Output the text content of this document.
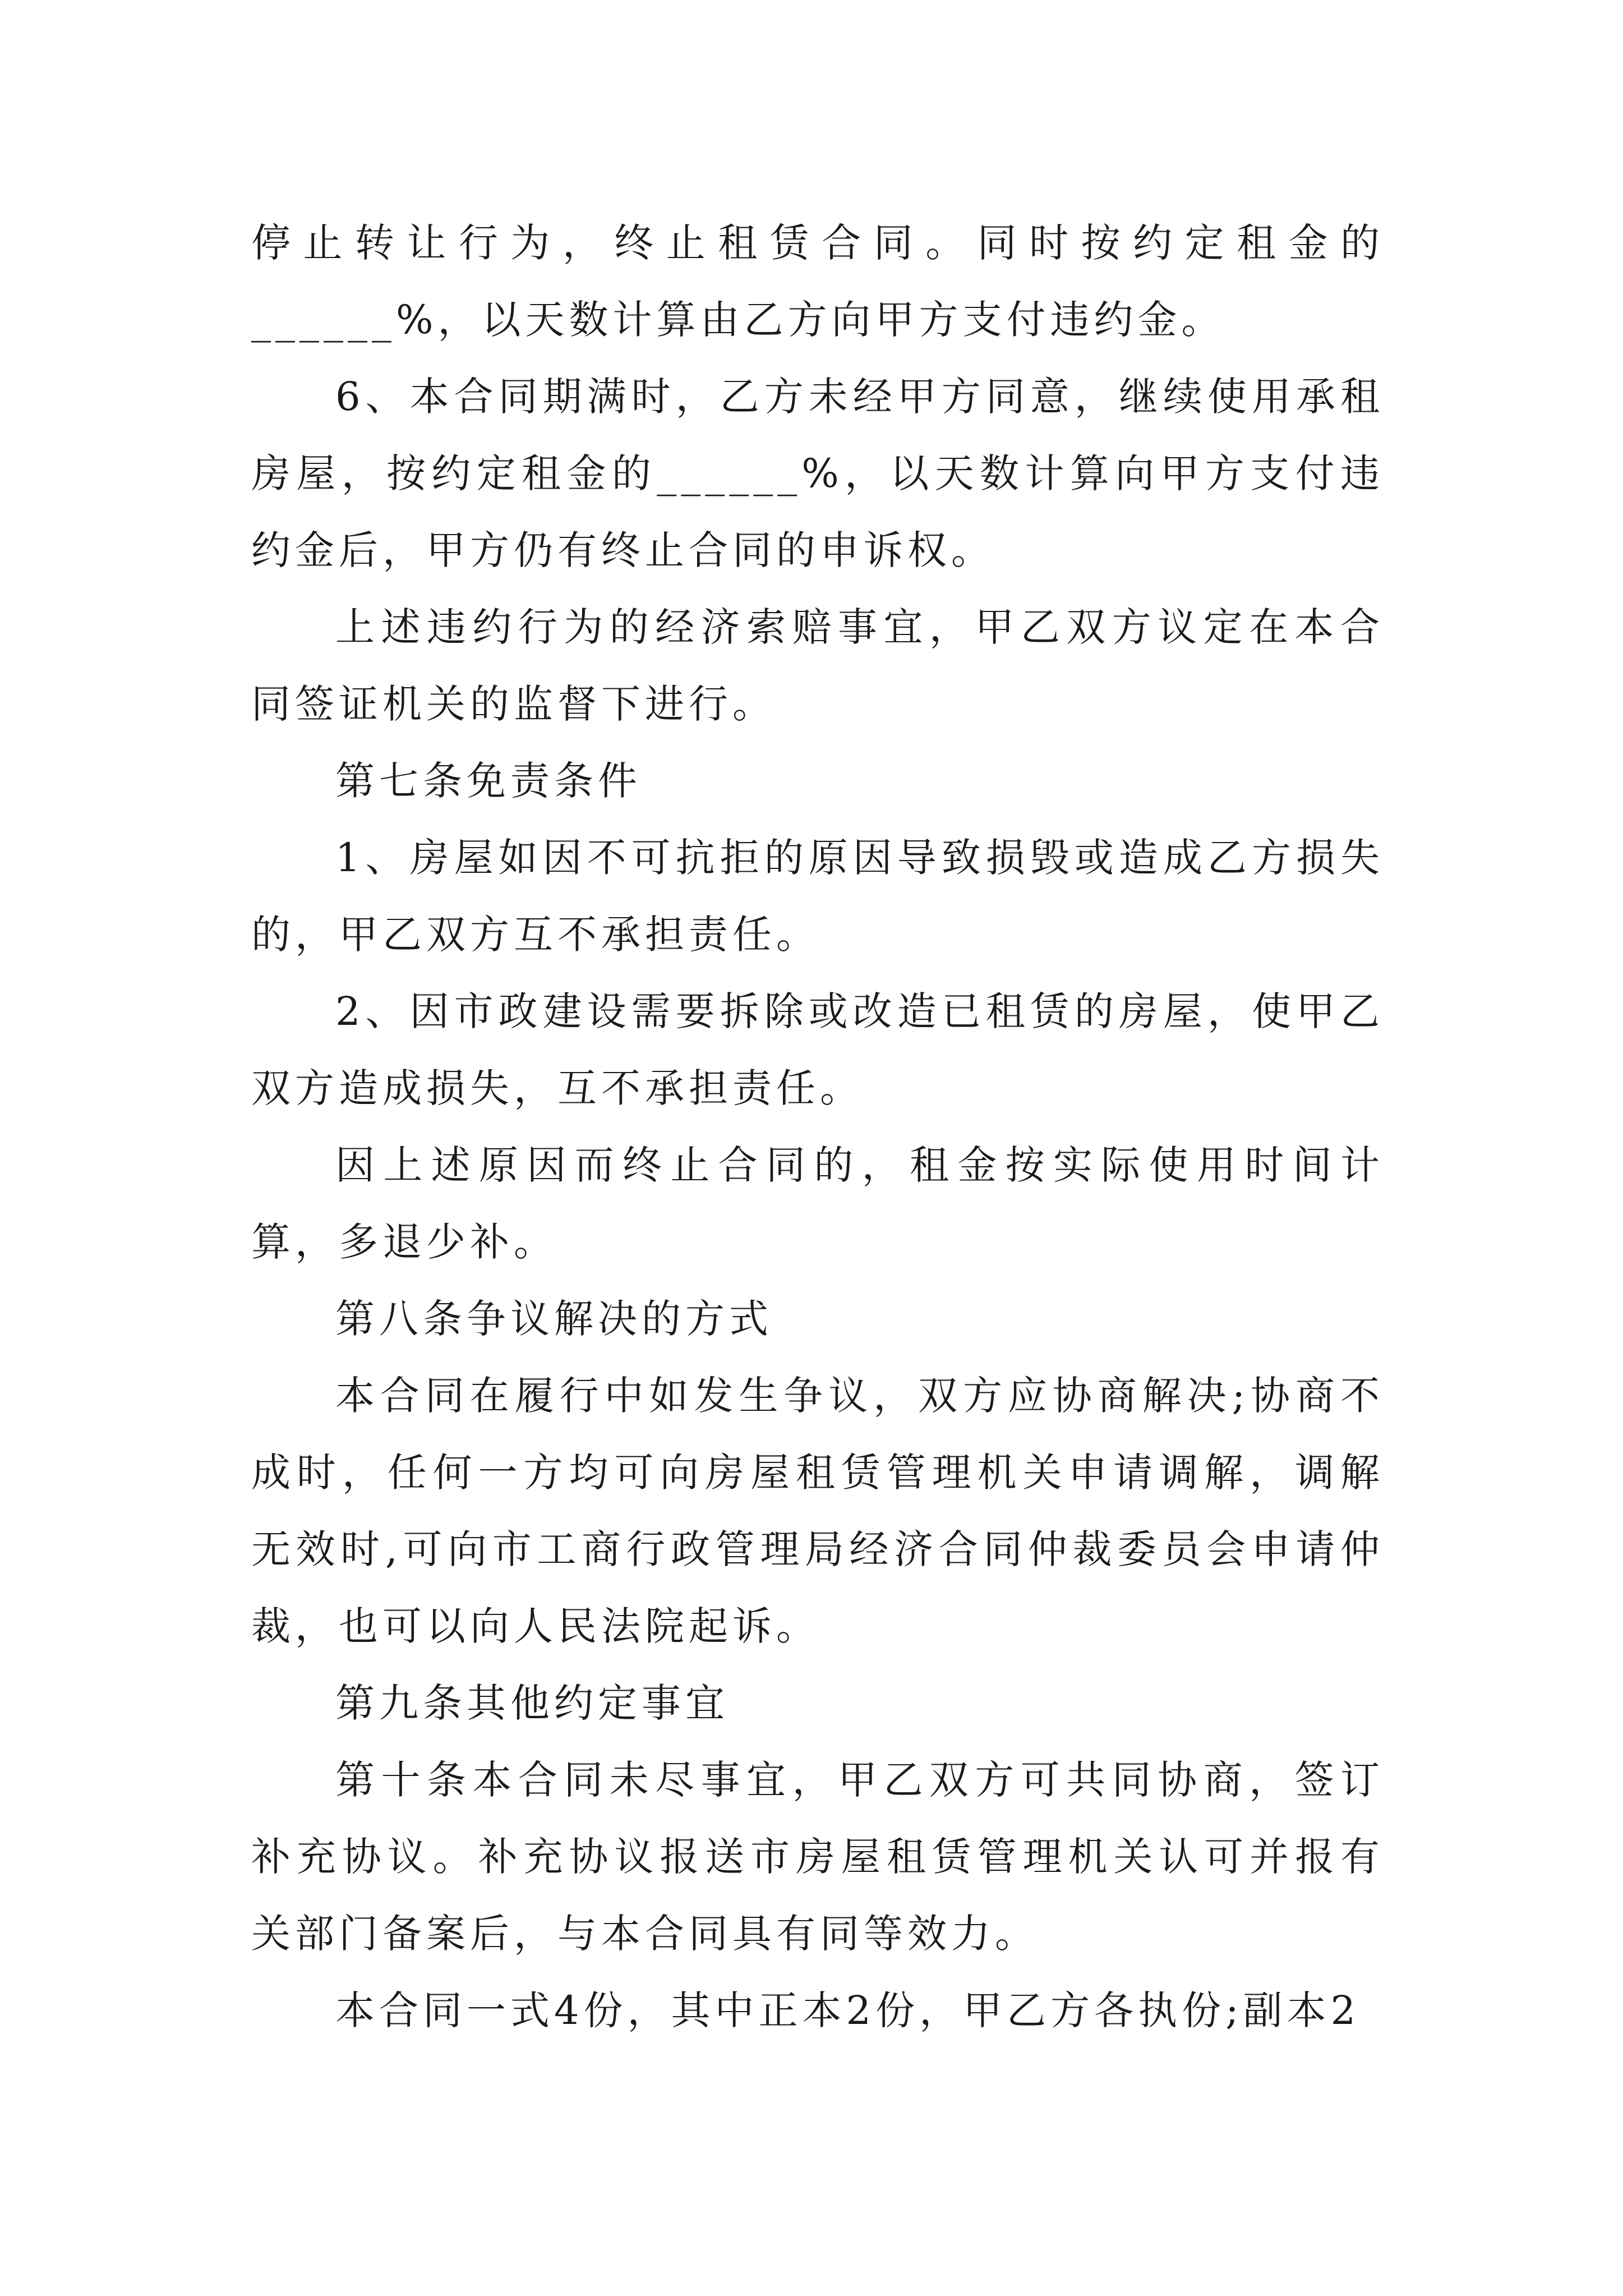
停止转让行为，终止租赁合同。同时按约定租金的______%，以天数计算由乙方向甲方支付违约金。

6、本合同期满时，乙方未经甲方同意，继续使用承租房屋，按约定租金的______%，以天数计算向甲方支付违约金后，甲方仍有终止合同的申诉权。

上述违约行为的经济索赔事宜，甲乙双方议定在本合同签证机关的监督下进行。

第七条免责条件

1、房屋如因不可抗拒的原因导致损毁或造成乙方损失的，甲乙双方互不承担责任。

2、因市政建设需要拆除或改造已租赁的房屋，使甲乙双方造成损失，互不承担责任。

因上述原因而终止合同的，租金按实际使用时间计算，多退少补。

第八条争议解决的方式

本合同在履行中如发生争议，双方应协商解决;协商不成时，任何一方均可向房屋租赁管理机关申请调解，调解无效时,可向市工商行政管理局经济合同仲裁委员会申请仲裁，也可以向人民法院起诉。

第九条其他约定事宜

第十条本合同未尽事宜，甲乙双方可共同协商，签订补充协议。补充协议报送市房屋租赁管理机关认可并报有关部门备案后，与本合同具有同等效力。

本合同一式4份，其中正本2份，甲乙方各执份;副本2
